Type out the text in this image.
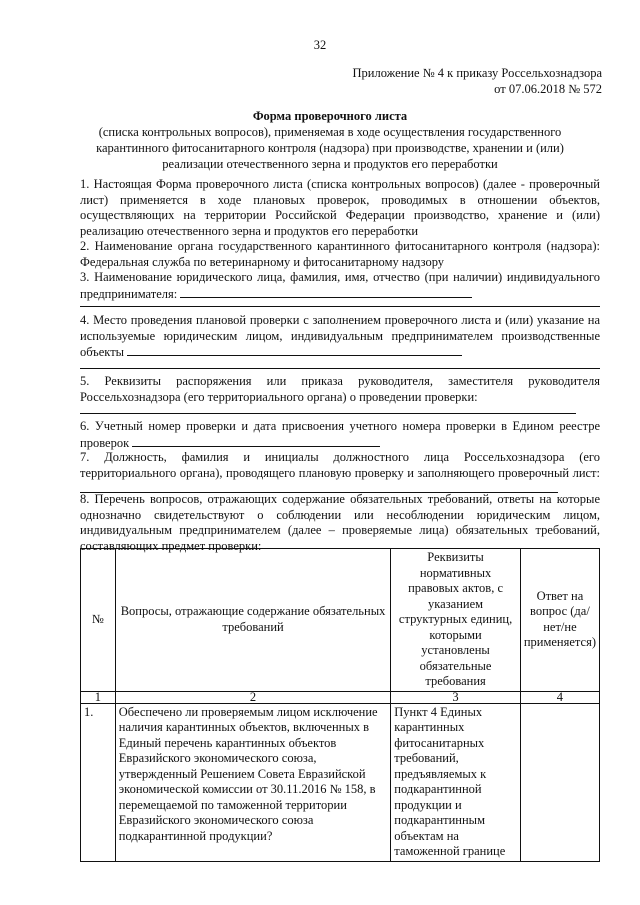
32
Приложение № 4 к приказу Россельхознадзора
от 07.06.2018 № 572
Форма проверочного листа
(списка контрольных вопросов), применяемая в ходе осуществления государственного
карантинного фитосанитарного контроля (надзора) при производстве, хранении и (или)
реализации отечественного зерна и продуктов его переработки
1. Настоящая Форма проверочного листа (списка контрольных вопросов) (далее - проверочный лист) применяется в ходе плановых проверок, проводимых в отношении объектов, осуществляющих на территории Российской Федерации производство, хранение и (или) реализацию отечественного зерна и продуктов его переработки
2. Наименование органа государственного карантинного фитосанитарного контроля (надзора): Федеральная служба по ветеринарному и фитосанитарному надзору
3. Наименование юридического лица, фамилия, имя, отчество (при наличии) индивидуального предпринимателя:
4. Место проведения плановой проверки с заполнением проверочного листа и (или) указание на используемые юридическим лицом, индивидуальным предпринимателем производственные объекты
5. Реквизиты распоряжения или приказа руководителя, заместителя руководителя Россельхознадзора (его территориального органа) о проведении проверки:
6. Учетный номер проверки и дата присвоения учетного номера проверки в Едином реестре проверок
7. Должность, фамилия и инициалы должностного лица Россельхознадзора (его территориального органа), проводящего плановую проверку и заполняющего проверочный лист:
8. Перечень вопросов, отражающих содержание обязательных требований, ответы на которые однозначно свидетельствуют о соблюдении или несоблюдении юридическим лицом, индивидуальным предпринимателем (далее – проверяемые лица) обязательных требований, составляющих предмет проверки:
№	Вопросы, отражающие содержание обязательных требований	Реквизиты нормативных правовых актов, с указанием структурных единиц, которыми установлены обязательные требования	Ответ на вопрос (да/нет/не применяется)
1	2	3	4
1.	Обеспечено ли проверяемым лицом исключение наличия карантинных объектов, включенных в Единый перечень карантинных объектов Евразийского экономического союза, утвержденный Решением Совета Евразийской экономической комиссии от 30.11.2016 № 158, в перемещаемой по таможенной территории Евразийского экономического союза подкарантинной продукции?	Пункт 4 Единых карантинных фитосанитарных требований, предъявляемых к подкарантинной продукции и подкарантинным объектам на таможенной границе	
